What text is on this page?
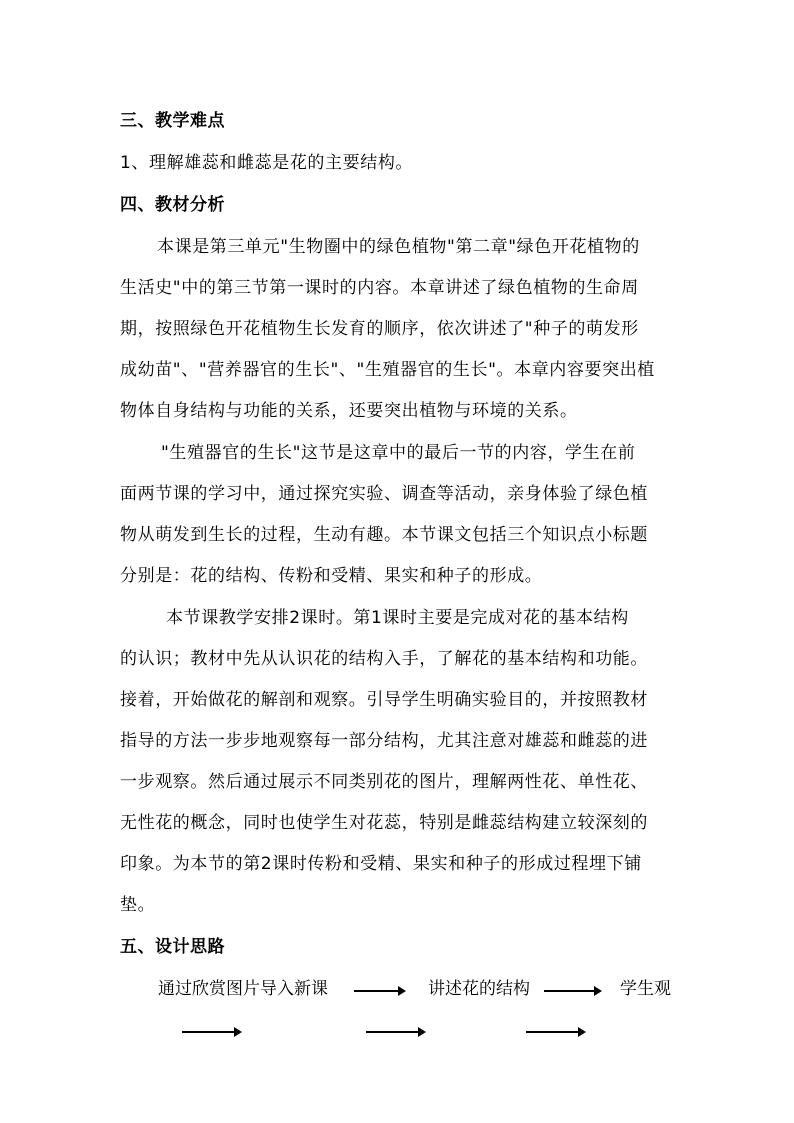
三、教学难点
1、理解雄蕊和雌蕊是花的主要结构。
四、教材分析
本课是第三单元"生物圈中的绿色植物"第二章"绿色开花植物的
生活史"中的第三节第一课时的内容。本章讲述了绿色植物的生命周
期，按照绿色开花植物生长发育的顺序，依次讲述了"种子的萌发形
成幼苗"、"营养器官的生长"、"生殖器官的生长"。本章内容要突出植
物体自身结构与功能的关系，还要突出植物与环境的关系。
"生殖器官的生长"这节是这章中的最后一节的内容，学生在前
面两节课的学习中，通过探究实验、调查等活动，亲身体验了绿色植
物从萌发到生长的过程，生动有趣。本节课文包括三个知识点小标题
分别是：花的结构、传粉和受精、果实和种子的形成。
本节课教学安排2课时。第1课时主要是完成对花的基本结构
的认识；教材中先从认识花的结构入手，了解花的基本结构和功能。
接着，开始做花的解剖和观察。引导学生明确实验目的，并按照教材
指导的方法一步步地观察每一部分结构，尤其注意对雄蕊和雌蕊的进
一步观察。然后通过展示不同类别花的图片，理解两性花、单性花、
无性花的概念，同时也使学生对花蕊，特别是雌蕊结构建立较深刻的
印象。为本节的第2课时传粉和受精、果实和种子的形成过程埋下铺
垫。
五、设计思路
通过欣赏图片导入新课	讲述花的结构	学生观
